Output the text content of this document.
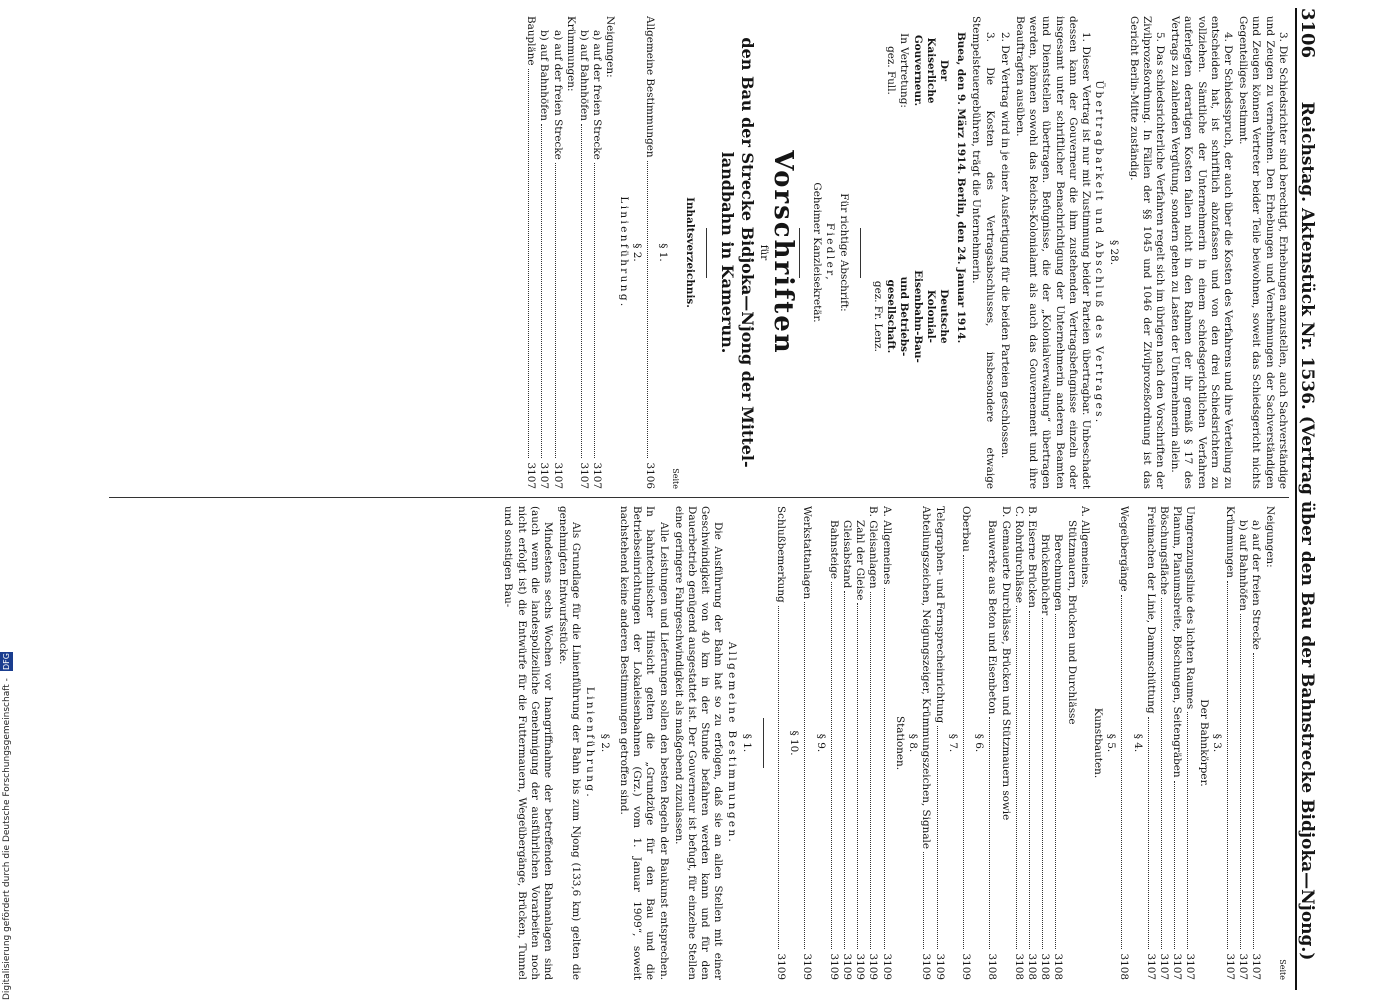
Digitalisierung gefördert durch die Deutsche Forschungsgemeinschaft - DFG
3106
Reichstag. Aktenstück Nr. 1536. (Vertrag über den Bau der Bahnstrecke Bidjoka—Njong.)

3. Die Schiedsrichter sind berechtigt, Erhebungen anzustellen, auch Sachverständige und Zeugen zu vernehmen. Den Erhebungen und Vernehmungen der Sachverständigen und Zeugen können Vertreter beider Teile beiwohnen, soweit das Schiedsgericht nichts Gegenteiliges bestimmt.

4. Der Schiedsspruch, der auch über die Kosten des Verfahrens und ihre Verteilung zu entscheiden hat, ist schriftlich abzufassen und von den drei Schiedsrichtern zu vollziehen. Sämtliche der Unternehmerin in einem schiedsgerichtlichen Verfahren auferlegten derartigen Kosten fallen nicht in den Rahmen der ihr gemäß § 17 des Vertrags zu zahlenden Vergütung, sondern gehen zu Lasten der Unternehmerin allein.

5. Das schiedsrichterliche Verfahren regelt sich im übrigen nach den Vorschriften der Zivilprozeßordnung. In Fällen der §§ 1045 und 1046 der Zivilprozeßordnung ist das Gericht Berlin-Mitte zuständig.

§ 28.
Übertragbarkeit und Abschluß des Vertrages.

1. Dieser Vertrag ist nur mit Zustimmung beider Parteien übertragbar. Unbeschadet dessen kann der Gouverneur die ihm zustehenden Vertragsbefugnisse einzeln oder insgesamt unter schriftlicher Benachrichtigung der Unternehmerin anderen Beamten und Dienststellen übertragen. Befugnisse, die der „Kolonialverwaltung“ übertragen werden, können sowohl das Reichs-Kolonialamt als auch das Gouvernement und ihre Beauftragten ausüben.

2. Der Vertrag wird in je einer Ausfertigung für die beiden Parteien geschlossen.

3. Die Kosten des Vertragsabschlusses, insbesondere etwaige Stempelsteuergebühren, trägt die Unternehmerin.

Buea, den 9. März 1914. Berlin, den 24. Januar 1914.

Der
Kaiserliche Gouverneur.
In Vertretung:
gez. Full.
Deutsche Kolonial-Eisenbahn-Bau- und Betriebs-gesellschaft.
gez. Fr. Lenz.
Für richtige Abschrift:
Fiedler,
Geheimer Kanzleisekretär.
Vorschriften
für
den Bau der Strecke Bidjoka—Njong der Mittel-
landbahn in Kamerun.
Inhaltsverzeichnis.
Seite
§ 1.
Allgemeine Bestimmungen
3106
§ 2.
Linienführung.
Neigungen:
a) auf der freien Strecke
3107
b) auf Bahnhöfen
3107
Krümmungen:
a) auf der freien Strecke
3107
b) auf Bahnhöfen
3107
Baupläne
3107
Seite
Neigungen:
a) auf der freien Strecke
3107
b) auf Bahnhöfen
3107
Krümmungen
3107
§ 3.
Der Bahnkörper.
Umgrenzungslinie des lichten Raumes
3107
Planum, Planumsbreite, Böschungen, Seitengräben
3107
Böschungsfläche
3107
Freimachen der Linie, Dammschüttung
3107
§ 4.
Wegeübergänge
3108
§ 5.
Kunstbauten.
A. Allgemeines.
Stützmauern, Brücken und Durchlässe
Berechnungen
3108
Brückenbücher
3108
B. Eiserne Brücken
3108
C. Rohrdurchlässe
3108
D. Gemauerte Durchlässe, Brücken und Stützmauern sowie
Bauwerke aus Beton und Eisenbeton
3108
§ 6.
Oberbau
3109
§ 7.
Telegraphen- und Fernsprecheinrichtung
3109
Abteilungszeichen, Neigungszeiger, Krümmungszeichen, Signale
3109
§ 8.
Stationen.
A. Allgemeines
3109
B. Gleisanlagen
3109
Zahl der Gleise
3109
Gleisabstand
3109
Bahnsteige
3109
§ 9.
Werkstattanlagen
3109
§ 10.
Schlußbemerkung
3109
§ 1.
Allgemeine Bestimmungen.

Die Ausführung der Bahn hat so zu erfolgen, daß sie an allen Stellen mit einer Geschwindigkeit von 40 km in der Stunde befahren werden kann und für den Dauerbetrieb genügend ausgestattet ist. Der Gouverneur ist befugt, für einzelne Stellen eine geringere Fahrgeschwindigkeit als maßgebend zuzulassen.

Alle Leistungen und Lieferungen sollen den besten Regeln der Baukunst entsprechen. In bahntechnischer Hinsicht gelten die „Grundzüge für den Bau und die Betriebseinrichtungen der Lokaleisenbahnen (Grz.) vom 1. Januar 1909“, soweit nachstehend keine anderen Bestimmungen getroffen sind.

§ 2.
Linienführung.

Als Grundlage für die Linienführung der Bahn bis zum Njong (133,6 km) gelten die genehmigten Entwurfsstücke.

Mindestens sechs Wochen vor Inangriffnahme der betreffenden Bahnanlagen sind (auch wenn die landespolizeiliche Genehmigung der ausführlichen Vorarbeiten noch nicht erfolgt ist) die Entwürfe für die Futtermauern, Wegeübergänge, Brücken, Tunnel und sonstigen Bau-
